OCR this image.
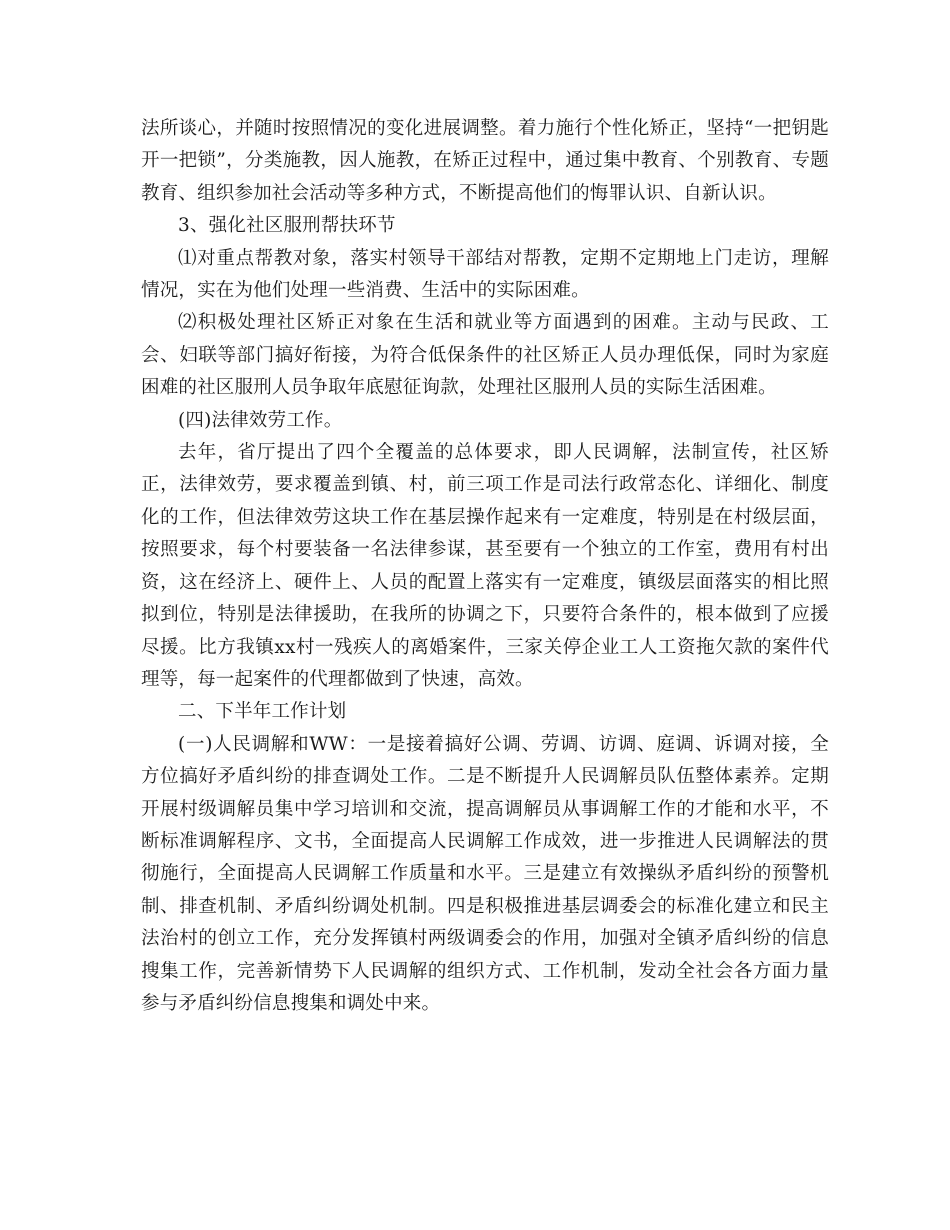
法所谈心，并随时按照情况的变化进展调整。着力施行个性化矫正，坚持“一把钥匙开一把锁”，分类施教，因人施教，在矫正过程中，通过集中教育、个别教育、专题教育、组织参加社会活动等多种方式，不断提高他们的悔罪认识、自新认识。

3、强化社区服刑帮扶环节

⑴对重点帮教对象，落实村领导干部结对帮教，定期不定期地上门走访，理解情况，实在为他们处理一些消费、生活中的实际困难。

⑵积极处理社区矫正对象在生活和就业等方面遇到的困难。主动与民政、工会、妇联等部门搞好衔接，为符合低保条件的社区矫正人员办理低保，同时为家庭困难的社区服刑人员争取年底慰征询款，处理社区服刑人员的实际生活困难。

(四)法律效劳工作。

去年，省厅提出了四个全覆盖的总体要求，即人民调解，法制宣传，社区矫正，法律效劳，要求覆盖到镇、村，前三项工作是司法行政常态化、详细化、制度化的工作，但法律效劳这块工作在基层操作起来有一定难度，特别是在村级层面，按照要求，每个村要装备一名法律参谋，甚至要有一个独立的工作室，费用有村出资，这在经济上、硬件上、人员的配置上落实有一定难度，镇级层面落实的相比照拟到位，特别是法律援助，在我所的协调之下，只要符合条件的，根本做到了应援尽援。比方我镇xx村一残疾人的离婚案件，三家关停企业工人工资拖欠款的案件代理等，每一起案件的代理都做到了快速，高效。

二、下半年工作计划

(一)人民调解和WW：一是接着搞好公调、劳调、访调、庭调、诉调对接，全方位搞好矛盾纠纷的排查调处工作。二是不断提升人民调解员队伍整体素养。定期开展村级调解员集中学习培训和交流，提高调解员从事调解工作的才能和水平，不断标准调解程序、文书，全面提高人民调解工作成效，进一步推进人民调解法的贯彻施行，全面提高人民调解工作质量和水平。三是建立有效操纵矛盾纠纷的预警机制、排查机制、矛盾纠纷调处机制。四是积极推进基层调委会的标准化建立和民主法治村的创立工作，充分发挥镇村两级调委会的作用，加强对全镇矛盾纠纷的信息搜集工作，完善新情势下人民调解的组织方式、工作机制，发动全社会各方面力量参与矛盾纠纷信息搜集和调处中来。
